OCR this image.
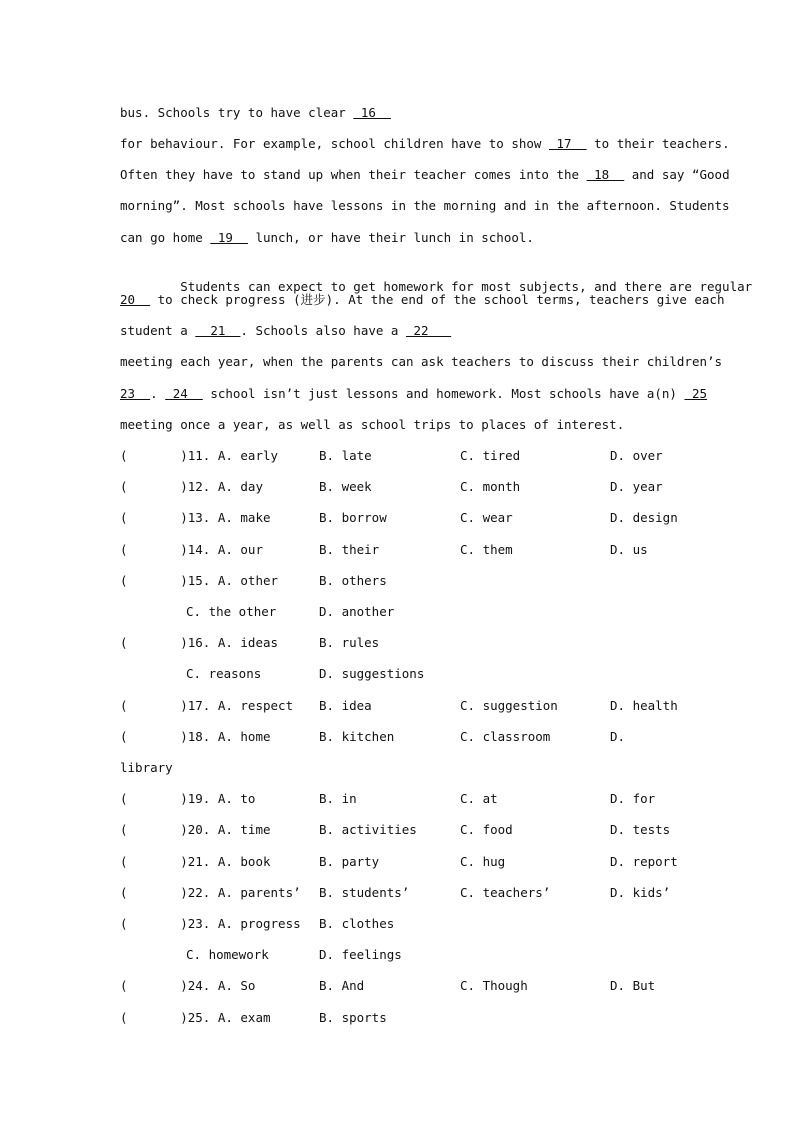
bus. Schools try to have clear  16
for behaviour. For example, school children have to show  17   to their teachers.
Often they have to stand up when their teacher comes into the  18   and say “Good
morning”. Most schools have lessons in the morning and in the afternoon. Students
can go home  19   lunch, or have their lunch in school.

Students can expect to get homework for most subjects, and there are regular

20   to check progress (进步). At the end of the school terms, teachers give each
student a   21  . Schools also have a  22
meeting each year, when the parents can ask teachers to discuss their children’s
23  .  24   school isn’t just lessons and homework. Most schools have a(n)  25
meeting once a year, as well as school trips to places of interest.
(       )11. A. early	B. late	C. tired	D. over
(       )12. A. day	B. week	C. month	D. year
(       )13. A. make	B. borrow	C. wear	D. design
(       )14. A. our	B. their	C. them	D. us
(       )15. A. other	B. others
C. the other	D. another
(       )16. A. ideas	B. rules
C. reasons	D. suggestions
(       )17. A. respect B. idea	C. suggestion	D. health
(       )18. A. home	B. kitchen	C. classroom	D.
library
(       )19. A. to	B. in	C. at	D. for
(       )20. A. time	B. activities	C. food	D. tests
(       )21. A. book	B. party	C. hug	D. report
(       )22. A. parents’ B. students’	C. teachers’	D. kids’
(       )23. A. progress B. clothes
C. homework	D. feelings
(       )24. A. So	B. And	C. Though	D. But
(       )25. A. exam	B. sports
